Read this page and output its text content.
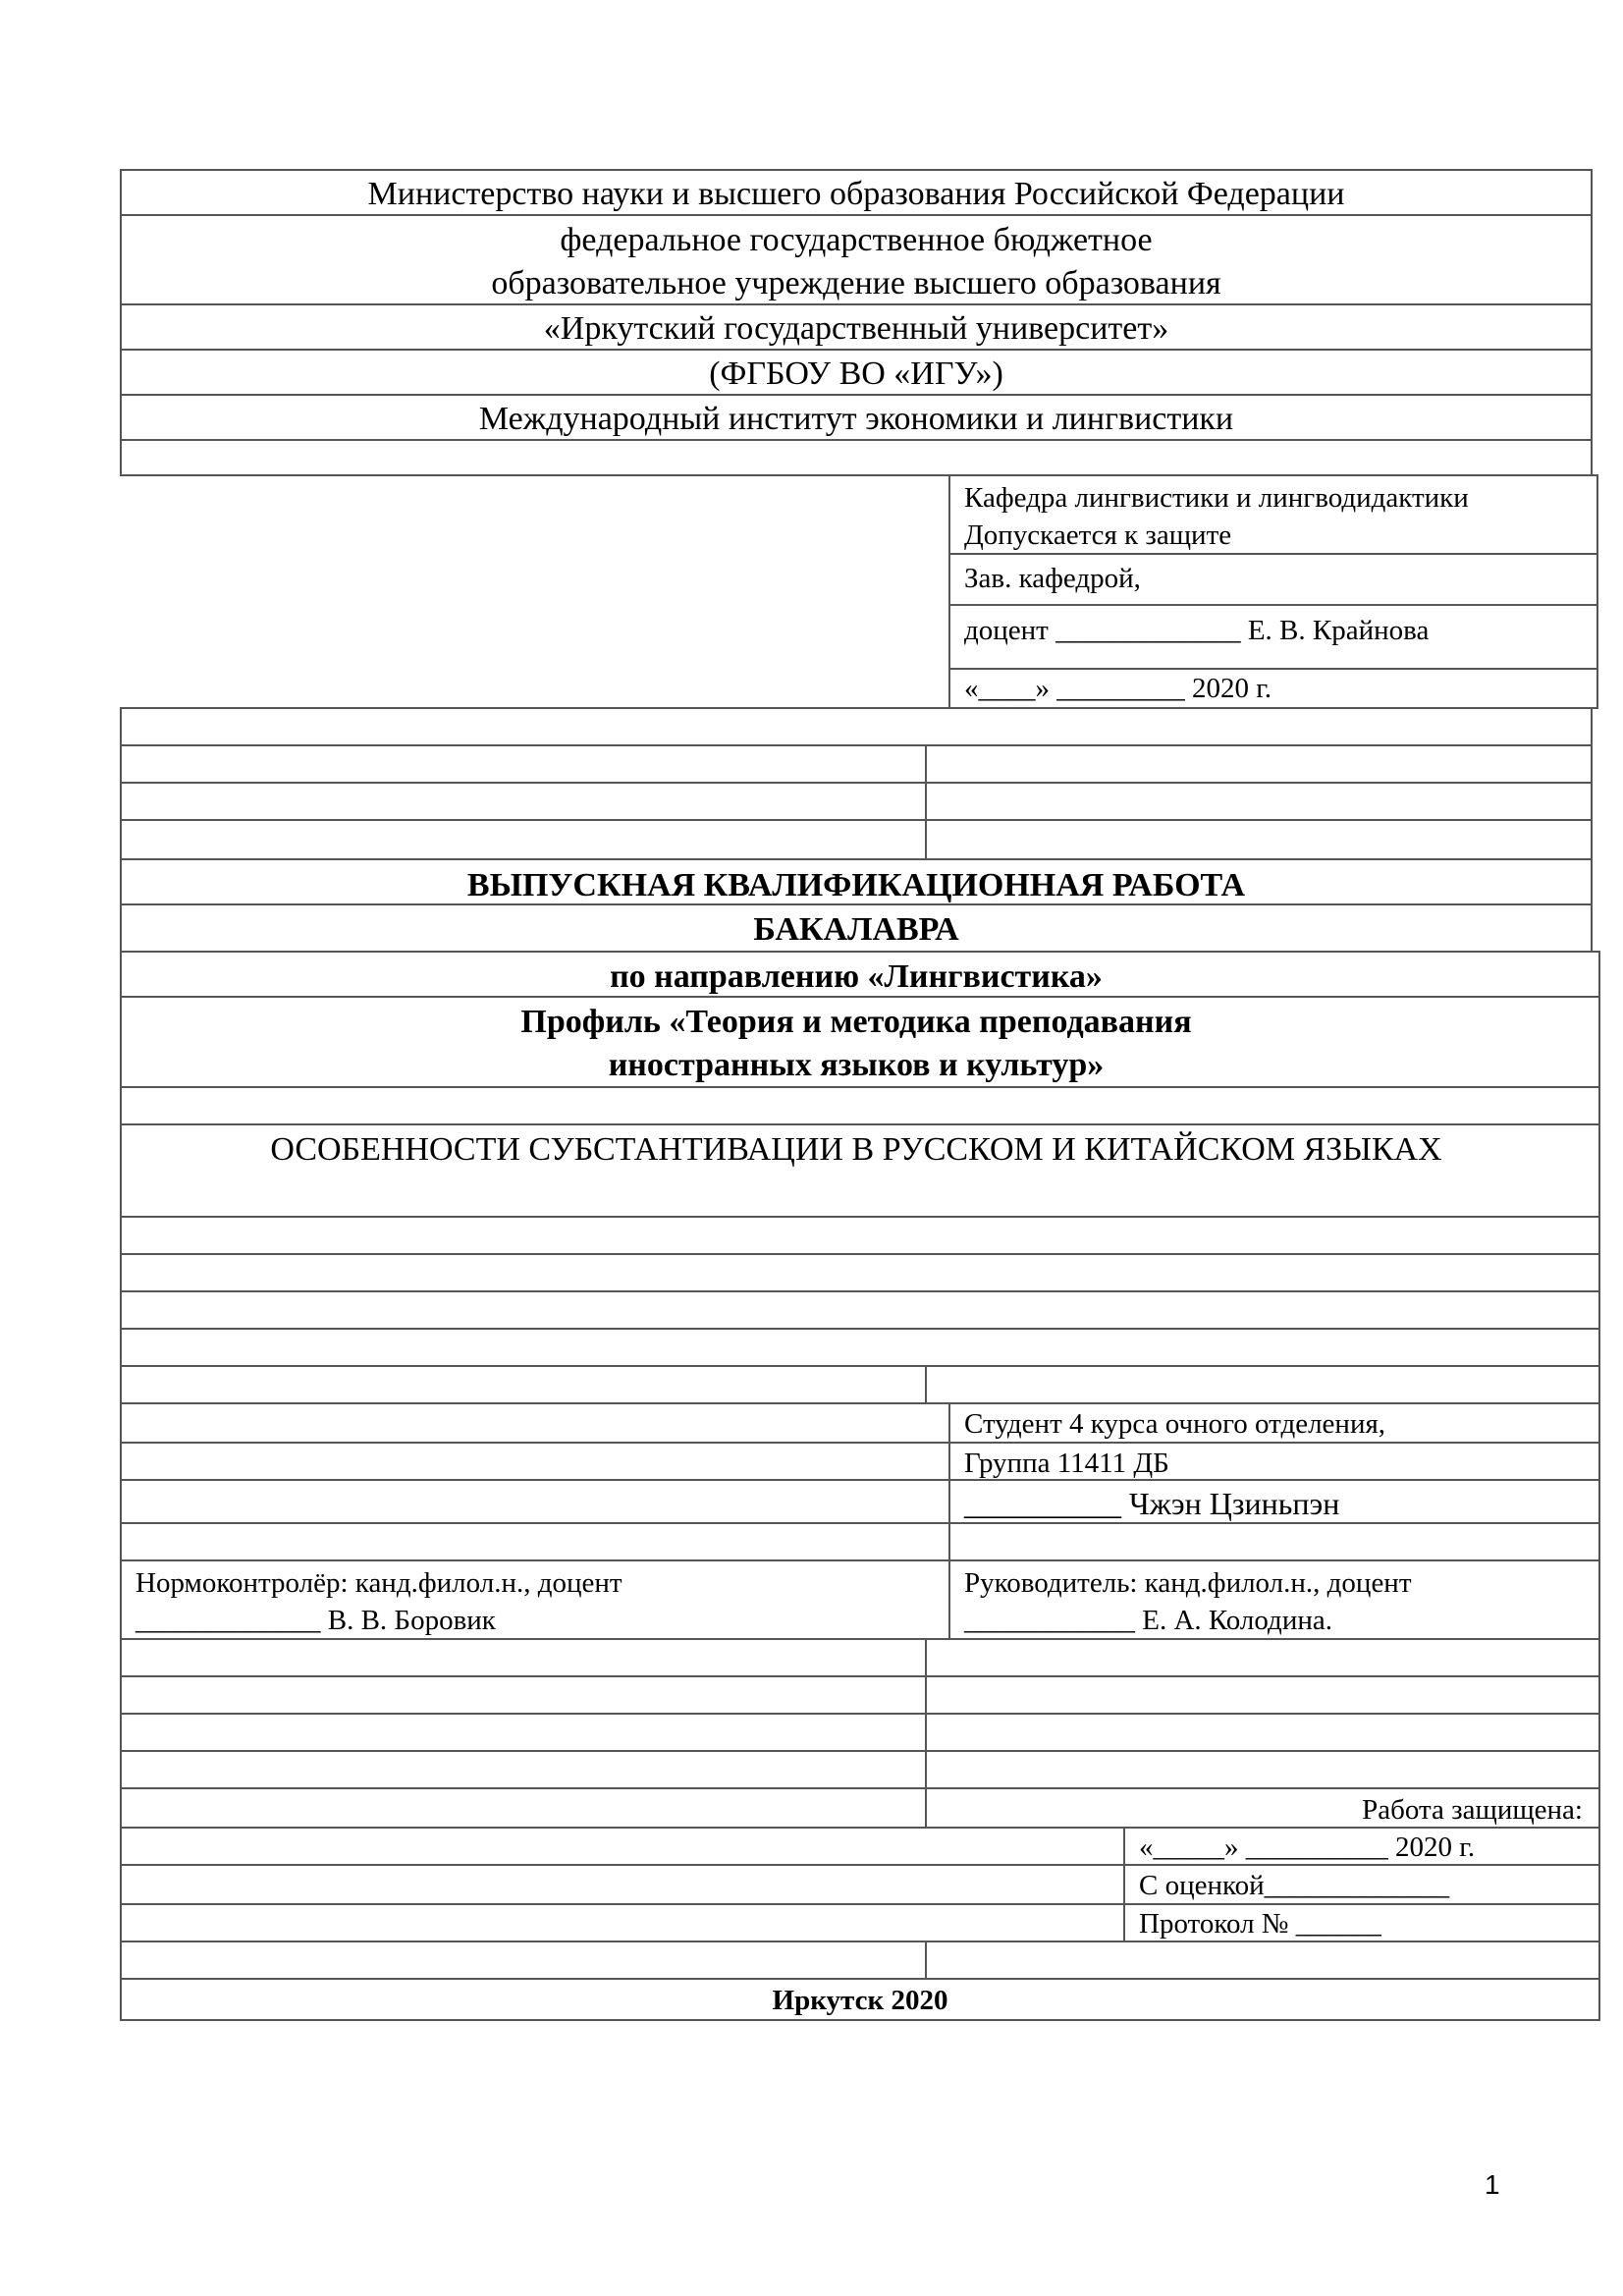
Министерство науки и высшего образования Российской Федерации
федеральное государственное бюджетное
образовательное учреждение высшего образования
«Иркутский государственный университет»
(ФГБОУ ВО «ИГУ»)
Международный институт экономики и лингвистики
Кафедра лингвистики и лингводидактики
Допускается к защите
Зав. кафедрой,
доцент _____________ Е. В. Крайнова
«____» _________ 2020 г.
ВЫПУСКНАЯ КВАЛИФИКАЦИОННАЯ РАБОТА
БАКАЛАВРА
по направлению «Лингвистика»
Профиль «Теория и методика преподавания
иностранных языков и культур»
ОСОБЕННОСТИ СУБСТАНТИВАЦИИ В РУССКОМ И КИТАЙСКОМ ЯЗЫКАХ
Студент 4 курса очного отделения,
Группа 11411 ДБ
__________ Чжэн Цзиньпэн
Нормоконтролёр: канд.филол.н., доцент
_____________ В. В. Боровик
Руководитель: канд.филол.н., доцент
____________ Е. А. Колодина.
Работа защищена:
«_____» __________ 2020 г.
С оценкой_____________
Протокол № ______
Иркутск 2020
1
